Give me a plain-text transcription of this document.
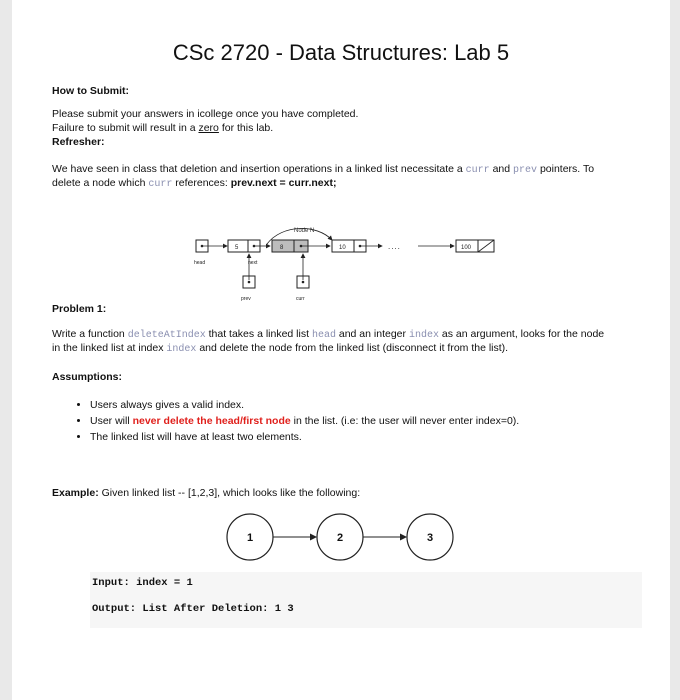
CSc 2720 - Data Structures: Lab 5
How to Submit:
Please submit your answers in icollege once you have completed.
Failure to submit will result in a zero for this lab.
Refresher:
We have seen in class that deletion and insertion operations in a linked list necessitate a curr and prev pointers. To
delete a node which curr references: prev.next = curr.next;
Node N
head
5
next
8	10	....	100
prev	curr
Problem 1:
Write a function deleteAtIndex that takes a linked list head and an integer index as an argument, looks for the node
in the linked list at index index and delete the node from the linked list (disconnect it from the list).
Assumptions:
• Users always gives a valid index.
• User will never delete the head/first node in the list. (i.e: the user will never enter index=0).
• The linked list will have at least two elements.
Example: Given linked list -- [1,2,3], which looks like the following:
1	2	3
Input: index = 1
Output: List After Deletion: 1 3
